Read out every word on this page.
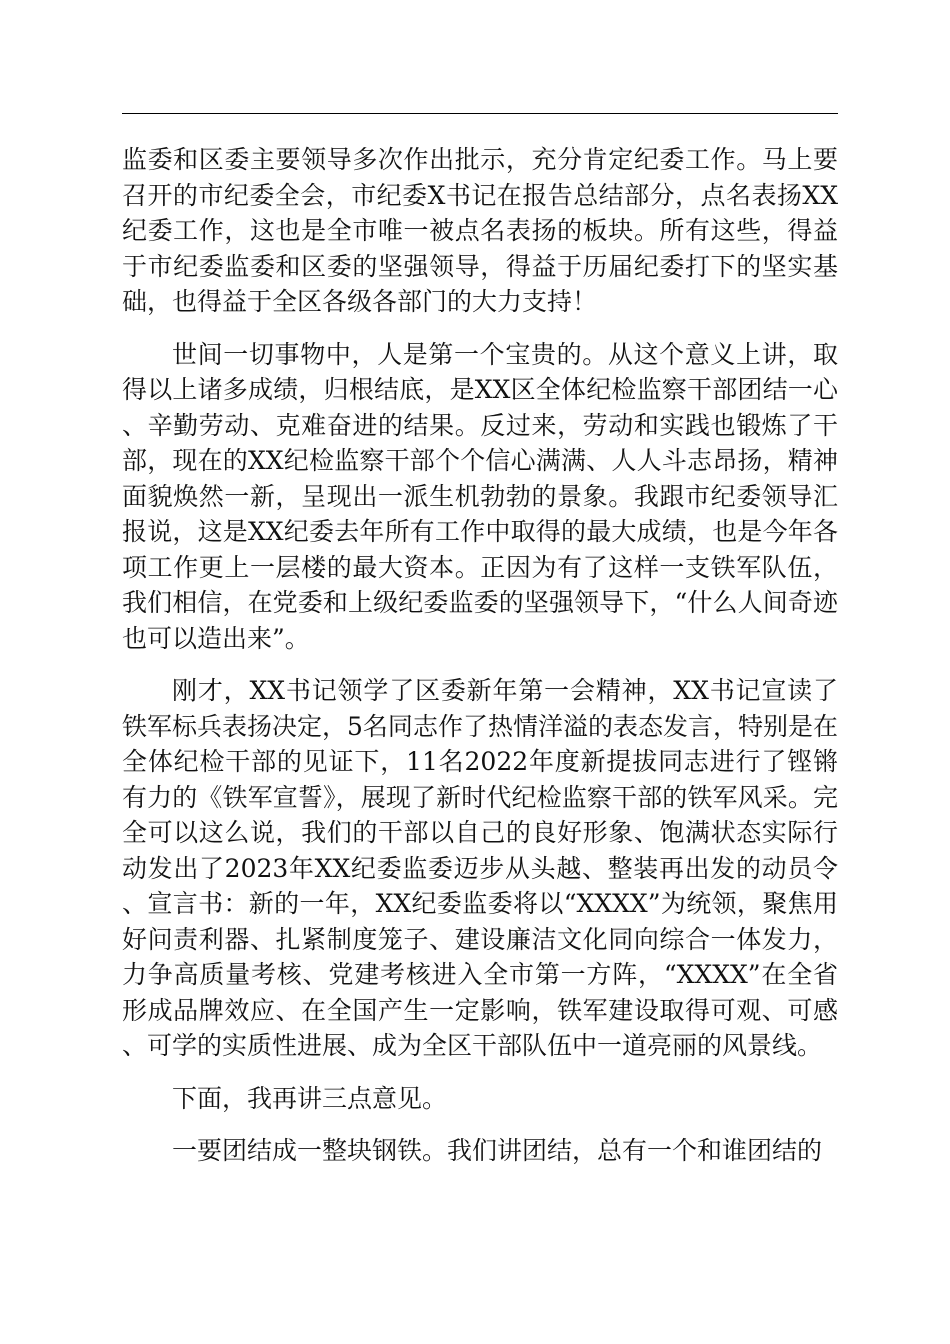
监委和区委主要领导多次作出批示，充分肯定纪委工作。马上要召开的市纪委全会，市纪委X书记在报告总结部分，点名表扬XX纪委工作，这也是全市唯一被点名表扬的板块。所有这些，得益于市纪委监委和区委的坚强领导，得益于历届纪委打下的坚实基础，也得益于全区各级各部门的大力支持！

世间一切事物中，人是第一个宝贵的。从这个意义上讲，取得以上诸多成绩，归根结底，是XX区全体纪检监察干部团结一心、辛勤劳动、克难奋进的结果。反过来，劳动和实践也锻炼了干部，现在的XX纪检监察干部个个信心满满、人人斗志昂扬，精神面貌焕然一新，呈现出一派生机勃勃的景象。我跟市纪委领导汇报说，这是XX纪委去年所有工作中取得的最大成绩，也是今年各项工作更上一层楼的最大资本。正因为有了这样一支铁军队伍，我们相信，在党委和上级纪委监委的坚强领导下，“什么人间奇迹也可以造出来”。

刚才，XX书记领学了区委新年第一会精神，XX书记宣读了铁军标兵表扬决定，5名同志作了热情洋溢的表态发言，特别是在全体纪检干部的见证下，11名2022年度新提拔同志进行了铿锵有力的《铁军宣誓》，展现了新时代纪检监察干部的铁军风采。完全可以这么说，我们的干部以自己的良好形象、饱满状态实际行动发出了2023年XX纪委监委迈步从头越、整装再出发的动员令、宣言书：新的一年，XX纪委监委将以“XXXX”为统领，聚焦用好问责利器、扎紧制度笼子、建设廉洁文化同向综合一体发力，力争高质量考核、党建考核进入全市第一方阵，“XXXX”在全省形成品牌效应、在全国产生一定影响，铁军建设取得可观、可感、可学的实质性进展、成为全区干部队伍中一道亮丽的风景线。

下面，我再讲三点意见。

一要团结成一整块钢铁。我们讲团结，总有一个和谁团结的
